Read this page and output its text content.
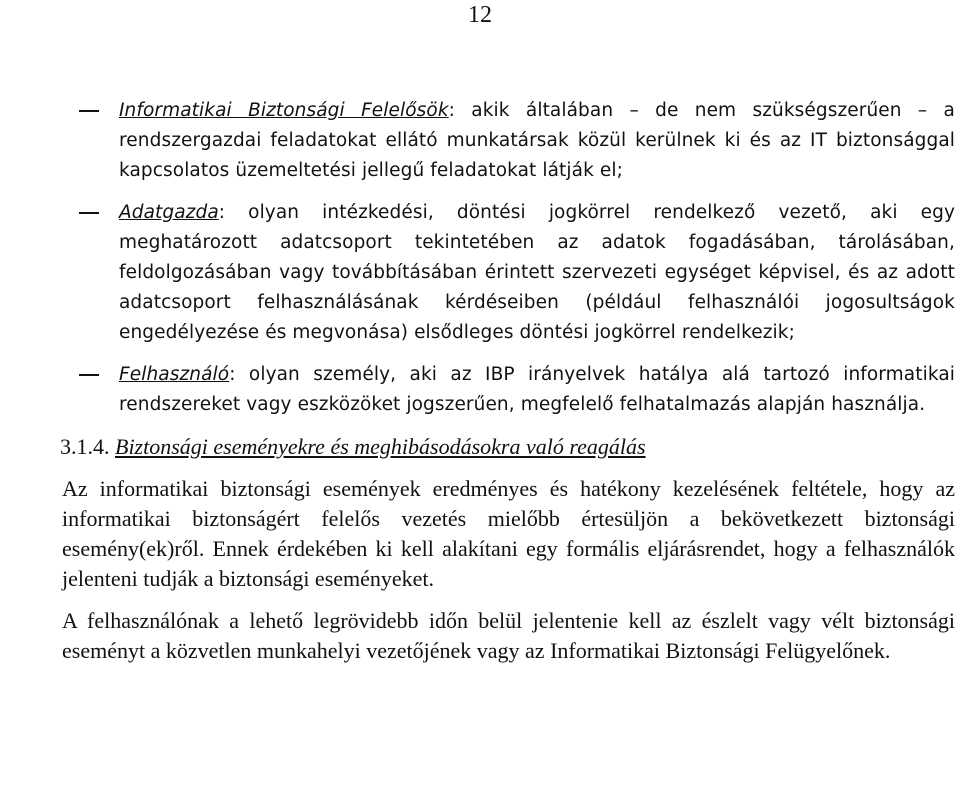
12
Informatikai Biztonsági Felelősök: akik általában – de nem szükségszerűen – a rendszergazdai feladatokat ellátó munkatársak közül kerülnek ki és az IT biztonsággal kapcsolatos üzemeltetési jellegű feladatokat látják el;
Adatgazda: olyan intézkedési, döntési jogkörrel rendelkező vezető, aki egy meghatározott adatcsoport tekintetében az adatok fogadásában, tárolásában, feldolgozásában vagy továbbításában érintett szervezeti egységet képvisel, és az adott adatcsoport felhasználásának kérdéseiben (például felhasználói jogosultságok engedélyezése és megvonása) elsődleges döntési jogkörrel rendelkezik;
Felhasználó: olyan személy, aki az IBP irányelvek hatálya alá tartozó informatikai rendszereket vagy eszközöket jogszerűen, megfelelő felhatalmazás alapján használja.
3.1.4. Biztonsági eseményekre és meghibásodásokra való reagálás

Az informatikai biztonsági események eredményes és hatékony kezelésének feltétele, hogy az informatikai biztonságért felelős vezetés mielőbb értesüljön a bekövetkezett biztonsági esemény(ek)ről. Ennek érdekében ki kell alakítani egy formális eljárásrendet, hogy a felhasználók jelenteni tudják a biztonsági eseményeket.

A felhasználónak a lehető legrövidebb időn belül jelentenie kell az észlelt vagy vélt biztonsági eseményt a közvetlen munkahelyi vezetőjének vagy az Informatikai Biztonsági Felügyelőnek.
